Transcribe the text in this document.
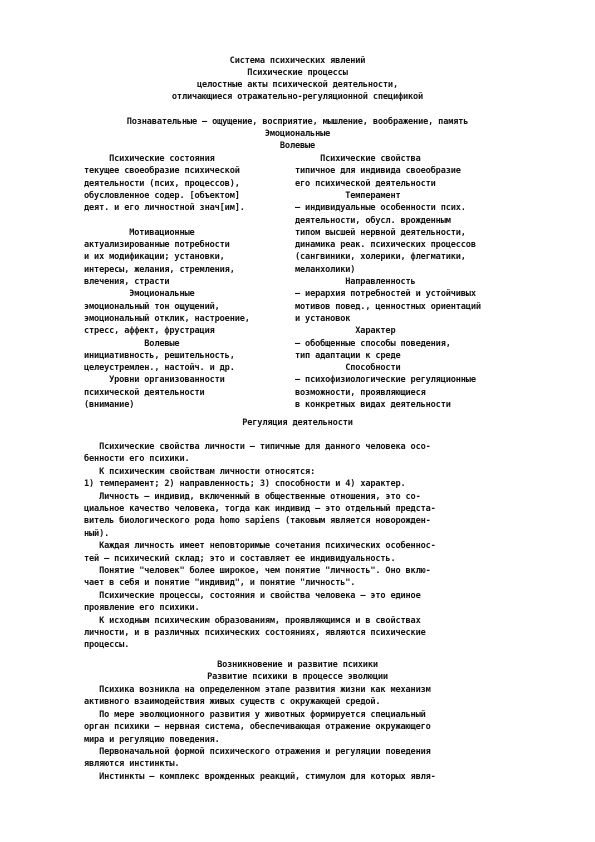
Система психических явлений
Психические процессы
целостные акты психической деятельности,
отличающиеся отражательно-регуляционной спецификой
Познавательные – ощущение, восприятие, мышление, воображение, память
Эмоциональные
Волевые
Психические состояния
текущее своеобразие психической
деятельности (псих, процессов),
обусловленное содер. [объектом]
деят. и его личностной знач[им].
Мотивационные
актуализированные потребности
и их модификации; установки,
интересы, желания, стремления,
влечения, страсти
Эмоциональные
эмоциональный тон ощущений,
эмоциональный отклик, настроение,
стресс, аффект, фрустрация
Волевые
инициативность, решительность,
целеустремлен., настойч. и др.
Уровни организованности
психической деятельности
(внимание)
Психические свойства
типичное для индивида своеобразие
его психической деятельности
Темперамент
– индивидуальные особенности псих.
деятельности, обусл. врожденным
типом высшей нервной деятельности,
динамика реак. психических процессов
(сангвиники, холерики, флегматики,
меланхолики)
Направленность
– иерархия потребностей и устойчивых
мотивов повед., ценностных ориентаций
и установок
Характер
– обобщенные способы поведения,
тип адаптации к среде
Способности
– психофизиологические регуляционные
возможности, проявляющиеся
в конкретных видах деятельности
Регуляция деятельности
Психические свойства личности – типичные для данного человека осо-
бенности его психики.
К психическим свойствам личности относятся:
1) темперамент; 2) направленность; 3) способности и 4) характер.
Личность – индивид, включенный в общественные отношения, это со-
циальное качество человека, тогда как индивид – это отдельный предста-
витель биологического рода homo sapiens (таковым является новорожден-
ный).
Каждая личность имеет неповторимые сочетания психических особеннос-
тей – психический склад; это и составляет ее индивидуальность.
Понятие "человек" более широкое, чем понятие "личность". Оно вклю-
чает в себя и понятие "индивид", и понятие "личность".
Психические процессы, состояния и свойства человека – это единое
проявление его психики.
К исходным психическим образованиям, проявляющимся и в свойствах
личности, и в различных психических состояниях, являются психические
процессы.
Возникновение и развитие психики
Развитие психики в процессе эволюции
Психика возникла на определенном этапе развития жизни как механизм
активного взаимодействия живых существ с окружающей средой.
По мере эволюционного развития у животных формируется специальный
орган психики – нервная система, обеспечивающая отражение окружающего
мира и регуляцию поведения.
Первоначальной формой психического отражения и регуляции поведения
являются инстинкты.
Инстинкты – комплекс врожденных реакций, стимулом для которых явля-
